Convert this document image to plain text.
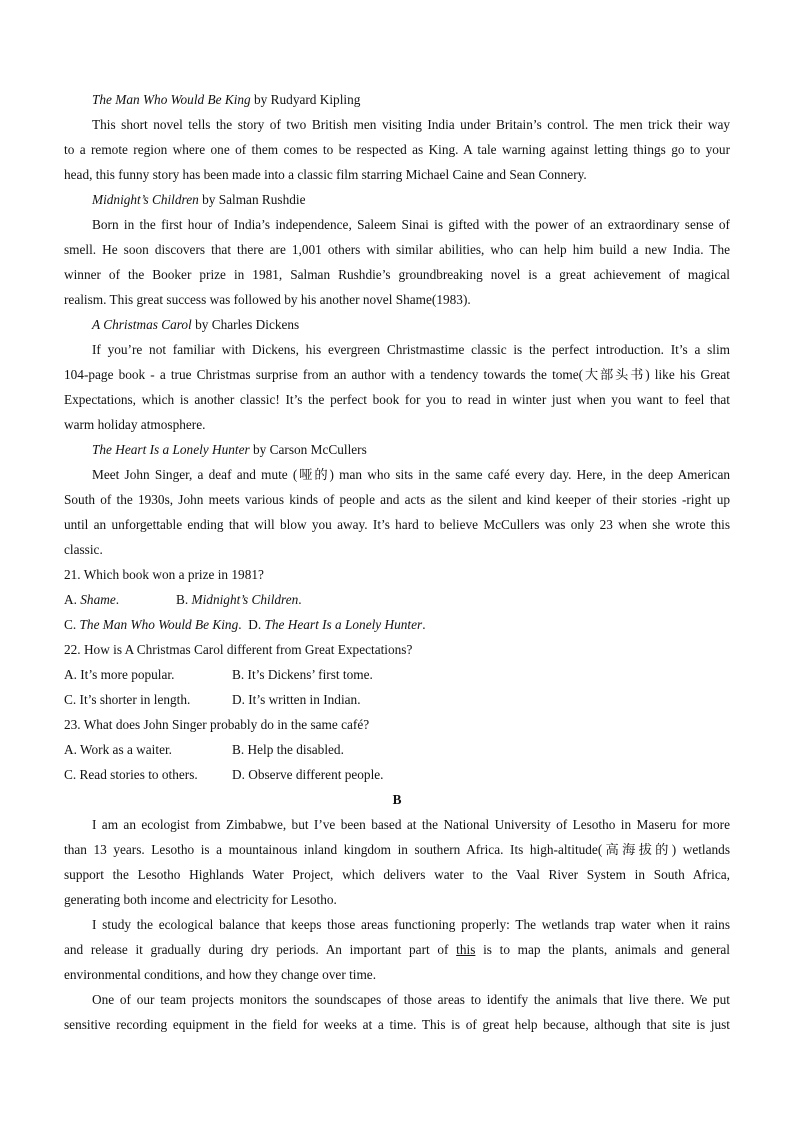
The Man Who Would Be King by Rudyard Kipling
This short novel tells the story of two British men visiting India under Britain’s control. The men trick their way
to a remote region where one of them comes to be respected as King. A tale warning against letting things go to your
head, this funny story has been made into a classic film starring Michael Caine and Sean Connery.
Midnight’s Children by Salman Rushdie
Born in the first hour of India’s independence, Saleem Sinai is gifted with the power of an extraordinary sense of
smell. He soon discovers that there are 1,001 others with similar abilities, who can help him build a new India. The
winner of the Booker prize in 1981, Salman Rushdie’s groundbreaking novel is a great achievement of magical
realism. This great success was followed by his another novel Shame(1983).
A Christmas Carol by Charles Dickens
If you’re not familiar with Dickens, his evergreen Christmastime classic is the perfect introduction. It’s a slim
104-page book - a true Christmas surprise from an author with a tendency towards the tome(大部头书) like his Great
Expectations, which is another classic! It’s the perfect book for you to read in winter just when you want to feel that
warm holiday atmosphere.
The Heart Is a Lonely Hunter by Carson McCullers
Meet John Singer, a deaf and mute (哑的) man who sits in the same café every day. Here, in the deep American
South of the 1930s, John meets various kinds of people and acts as the silent and kind keeper of their stories -right up
until an unforgettable ending that will blow you away. It’s hard to believe McCullers was only 23 when she wrote this
classic.
21. Which book won a prize in 1981?
A. Shame.	B. Midnight’s Children.
C. The Man Who Would Be King. D. The Heart Is a Lonely Hunter.
22. How is A Christmas Carol different from Great Expectations?
A. It’s more popular.	B. It’s Dickens’ first tome.
C. It’s shorter in length.	D. It’s written in Indian.
23. What does John Singer probably do in the same café?
A. Work as a waiter.	B. Help the disabled.
C. Read stories to others.	D. Observe different people.
B
I am an ecologist from Zimbabwe, but I’ve been based at the National University of Lesotho in Maseru for more
than 13 years. Lesotho is a mountainous inland kingdom in southern Africa. Its high-altitude(高海拔的) wetlands
support the Lesotho Highlands Water Project, which delivers water to the Vaal River System in South Africa,
generating both income and electricity for Lesotho.
I study the ecological balance that keeps those areas functioning properly: The wetlands trap water when it rains
and release it gradually during dry periods. An important part of this is to map the plants, animals and general
environmental conditions, and how they change over time.
One of our team projects monitors the soundscapes of those areas to identify the animals that live there. We put
sensitive recording equipment in the field for weeks at a time. This is of great help because, although that site is just
